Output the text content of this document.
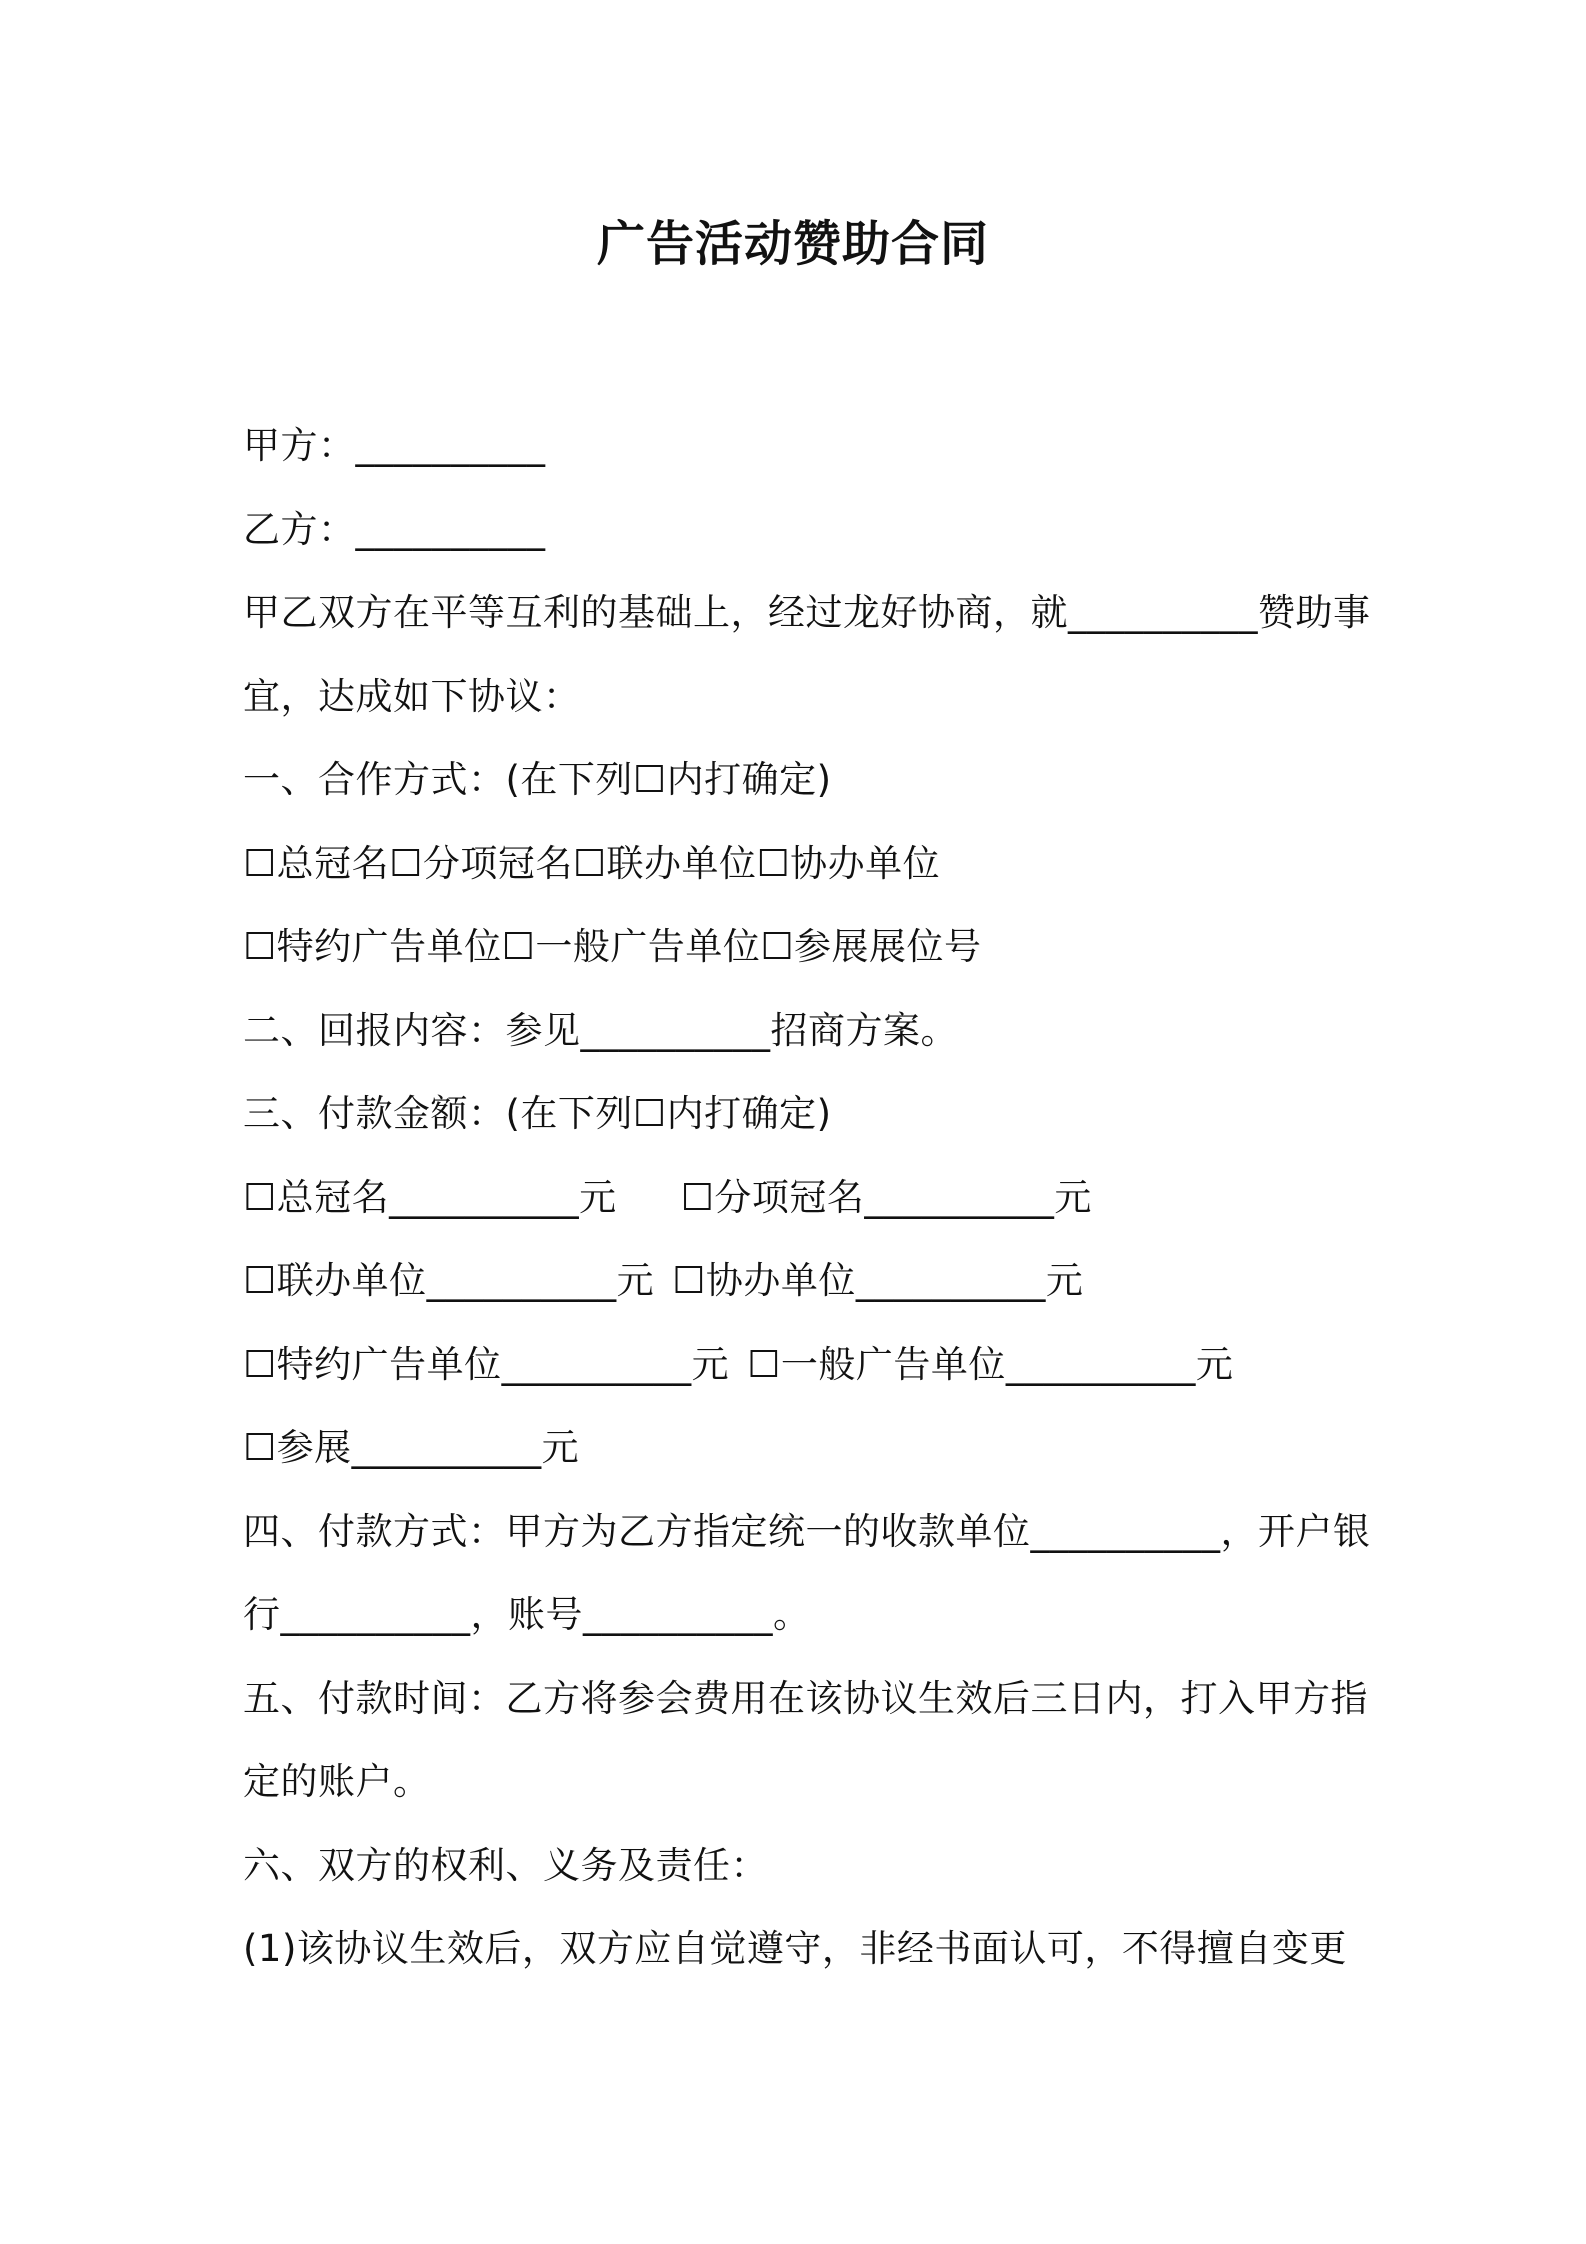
广告活动赞助合同
甲方：__________
乙方：__________
甲乙双方在平等互利的基础上，经过龙好协商，就__________赞助事
宜，达成如下协议：
一、合作方式：(在下列☐内打确定)
☐总冠名☐分项冠名☐联办单位☐协办单位
☐特约广告单位☐一般广告单位☐参展展位号
二、回报内容：参见__________招商方案。
三、付款金额：(在下列☐内打确定)
☐总冠名__________元 ☐分项冠名__________元
☐联办单位__________元 ☐协办单位__________元
☐特约广告单位__________元 ☐一般广告单位__________元
☐参展__________元
四、付款方式：甲方为乙方指定统一的收款单位__________，开户银
行__________，账号__________。
五、付款时间：乙方将参会费用在该协议生效后三日内，打入甲方指
定的账户。
六、双方的权利、义务及责任：
(1)该协议生效后，双方应自觉遵守，非经书面认可，不得擅自变更
